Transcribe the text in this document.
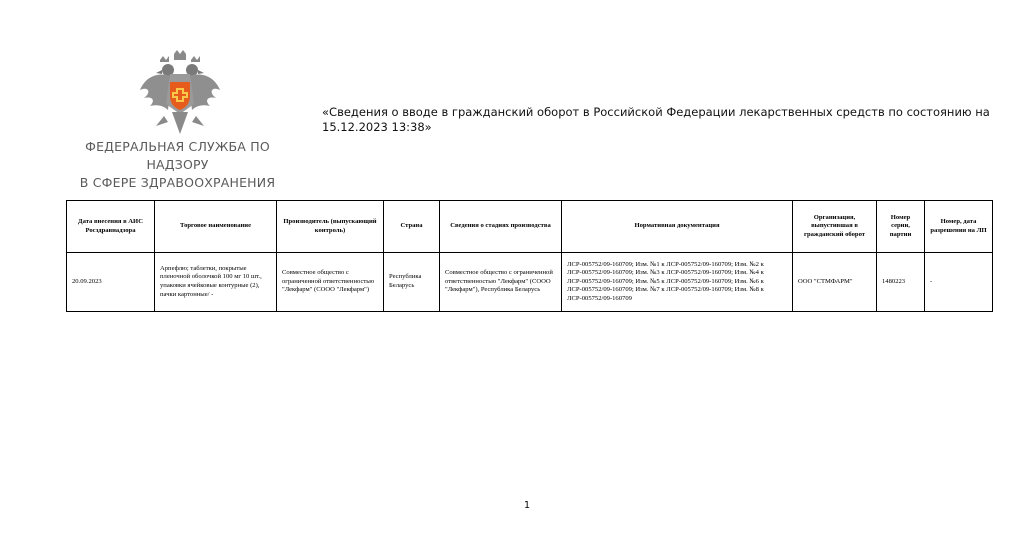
ФЕДЕРАЛЬНАЯ СЛУЖБА ПО НАДЗОРУ
В СФЕРЕ ЗДРАВООХРАНЕНИЯ
«Сведения о вводе в гражданский оборот в Российской Федерации лекарственных средств по состоянию на 15.12.2023 13:38»
Дата внесения в АИС Росздравнадзора	Торговое наименование	Производитель (выпускающий контроль)	Страна	Сведения о стадиях производства	Нормативная документация	Организация, выпустившая в гражданский оборот	Номер серии, партии	Номер, дата разрешения на ЛП
20.09.2023	Арпефлю; таблетки, покрытые пленочной оболочкой 100 мг 10 шт., упаковки ячейковые контурные (2), пачки картонные/ -	Совместное общество с ограниченной ответственностью "Лекфарм" (СООО "Лекфарм")	Республика Беларусь	Совместное общество с ограниченной ответственностью "Лекфарм" (СООО "Лекфарм"), Республика Беларусь	ЛСР-005752/09-160709; Изм. №1 к ЛСР-005752/09-160709; Изм. №2 к ЛСР-005752/09-160709; Изм. №3 к ЛСР-005752/09-160709; Изм. №4 к ЛСР-005752/09-160709; Изм. №5 к ЛСР-005752/09-160709; Изм. №6 к ЛСР-005752/09-160709; Изм. №7 к ЛСР-005752/09-160709; Изм. №8 к ЛСР-005752/09-160709	ООО "СТМФАРМ"	1480223	-
1
